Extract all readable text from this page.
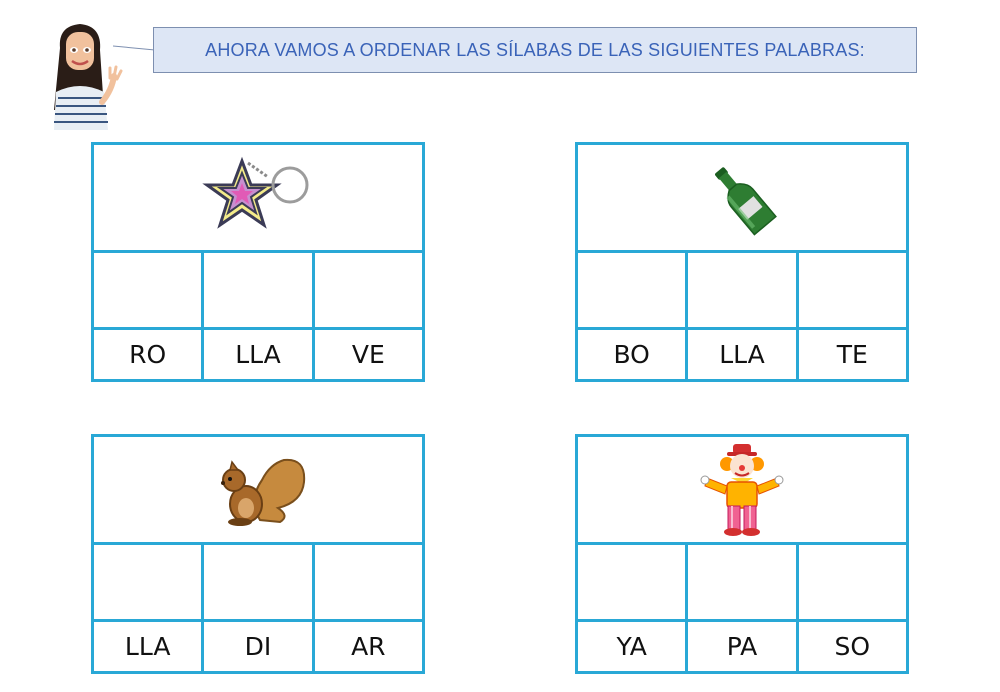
AHORA VAMOS A ORDENAR LAS SÍLABAS DE LAS SIGUIENTES PALABRAS:
RO	LLA	VE	BO	LLA	TE
LLA	DI	AR	YA	PA	SO
